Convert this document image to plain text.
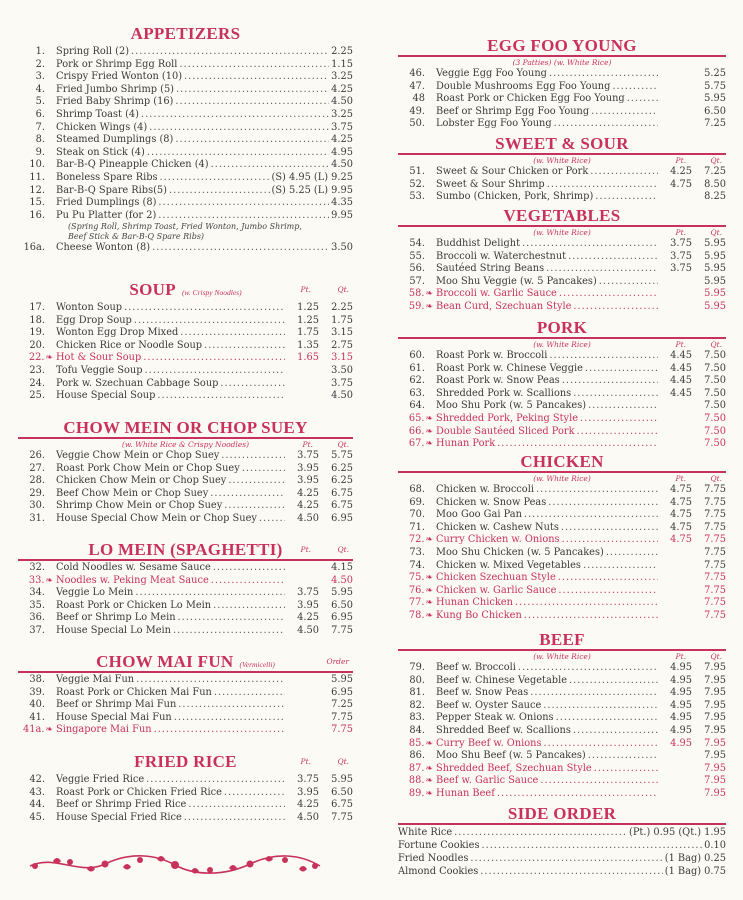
APPETIZERS
1.	Spring Roll (2) .....	2.25
2.	Pork or Shrimp Egg Roll .....	1.15
3.	Crispy Fried Wonton (10) .....	3.25
4.	Fried Jumbo Shrimp (5) .....	4.25
5.	Fried Baby Shrimp (16) .....	4.50
6.	Shrimp Toast (4) .....	3.25
7.	Chicken Wings (4) .....	3.75
8.	Steamed Dumplings (8) .....	4.25
9.	Steak on Stick (4) .....	4.95
10.	Bar-B-Q Pineapple Chicken (4) .....	4.50
11.	Boneless Spare Ribs .....	(S) 4.95 (L) 9.25
12.	Bar-B-Q Spare Ribs(5) .....	(S) 5.25 (L) 9.95
15.	Fried Dumplings (8) .....	4.35
16.	Pu Pu Platter (for 2) .....	9.95
(Spring Roll, Shrimp Toast, Fried Wonton, Jumbo Shrimp, Beef Stick & Bar-B-Q Spare Ribs)
16a.	Cheese Wonton (8) .....	3.50
SOUP (w. Crispy Noodles)	Pt.	Qt.
17.	Wonton Soup .....	1.25	2.25
18.	Egg Drop Soup .....	1.25	1.75
19.	Wonton Egg Drop Mixed .....	1.75	3.15
20.	Chicken Rice or Noodle Soup .....	1.35	2.75
22.❧ Hot & Sour Soup .....	1.65	3.15
23.	Tofu Veggie Soup .....	3.50
24.	Pork w. Szechuan Cabbage Soup .....	3.75
25.	House Special Soup .....	4.50
CHOW MEIN OR CHOP SUEY
(w. White Rice & Crispy Noodles)	Pt.	Qt.
26.	Veggie Chow Mein or Chop Suey .....	3.75	5.75
27.	Roast Pork Chow Mein or Chop Suey .....	3.95	6.25
28.	Chicken Chow Mein or Chop Suey .....	3.95	6.25
29.	Beef Chow Mein or Chop Suey .....	4.25	6.75
30.	Shrimp Chow Mein or Chop Suey .....	4.25	6.75
31.	House Special Chow Mein or Chop Suey .....	4.50	6.95
LO MEIN (SPAGHETTI)	Pt.	Qt.
32.	Cold Noodles w. Sesame Sauce .....	4.15
33.❧ Noodles w. Peking Meat Sauce .....	4.50
34.	Veggie Lo Mein .....	3.75	5.95
35.	Roast Pork or Chicken Lo Mein .....	3.95	6.50
36.	Beef or Shrimp Lo Mein .....	4.25	6.95
37.	House Special Lo Mein .....	4.50	7.75
CHOW MAI FUN (Vermicelli)	Order
38.	Veggie Mai Fun .....	5.95
39.	Roast Pork or Chicken Mai Fun .....	6.95
40.	Beef or Shrimp Mai Fun .....	7.25
41.	House Special Mai Fun .....	7.75
41a.❧ Singapore Mai Fun .....	7.75
FRIED RICE	Pt.	Qt.
42.	Veggie Fried Rice .....	3.75	5.95
43.	Roast Pork or Chicken Fried Rice .....	3.95	6.50
44.	Beef or Shrimp Fried Rice .....	4.25	6.75
45.	House Special Fried Rice .....	4.50	7.75
EGG FOO YOUNG
(3 Patties) (w. White Rice)
46.	Veggie Egg Foo Young .....	5.25
47.	Double Mushrooms Egg Foo Young .....	5.75
48	Roast Pork or Chicken Egg Foo Young .....	5.95
49.	Beef or Shrimp Egg Foo Young .....	6.50
50.	Lobster Egg Foo Young .....	7.25
SWEET & SOUR
(w. White Rice)	Pt.	Qt.
51.	Sweet & Sour Chicken or Pork .....	4.25	7.25
52.	Sweet & Sour Shrimp .....	4.75	8.50
53.	Sumbo (Chicken, Pork, Shrimp) .....	8.25
VEGETABLES
(w. White Rice)	Pt.	Qt.
54.	Buddhist Delight .....	3.75	5.95
55.	Broccoli w. Waterchestnut .....	3.75	5.95
56.	Sautéed String Beans .....	3.75	5.95
57.	Moo Shu Veggie (w. 5 Pancakes) .....	5.95
58.❧ Broccoli w. Garlic Sauce .....	5.95
59.❧ Bean Curd, Szechuan Style .....	5.95
PORK
(w. White Rice)	Pt.	Qt.
60.	Roast Pork w. Broccoli .....	4.45	7.50
61.	Roast Pork w. Chinese Veggie .....	4.45	7.50
62.	Roast Pork w. Snow Peas .....	4.45	7.50
63.	Shredded Pork w. Scallions .....	4.45	7.50
64.	Moo Shu Pork (w. 5 Pancakes) .....	7.50
65.❧ Shredded Pork, Peking Style .....	7.50
66.❧ Double Sautéed Sliced Pork .....	7.50
67.❧ Hunan Pork .....	7.50
CHICKEN
(w. White Rice)	Pt.	Qt.
68.	Chicken w. Broccoli .....	4.75	7.75
69.	Chicken w. Snow Peas .....	4.75	7.75
70.	Moo Goo Gai Pan .....	4.75	7.75
71.	Chicken w. Cashew Nuts .....	4.75	7.75
72.❧ Curry Chicken w. Onions .....	4.75	7.75
73.	Moo Shu Chicken (w. 5 Pancakes) .....	7.75
74.	Chicken w. Mixed Vegetables .....	7.75
75.❧ Chicken Szechuan Style .....	7.75
76.❧ Chicken w. Garlic Sauce .....	7.75
77.❧ Hunan Chicken .....	7.75
78.❧ Kung Bo Chicken .....	7.75
BEEF
(w. White Rice)	Pt.	Qt.
79.	Beef w. Broccoli .....	4.95	7.95
80.	Beef w. Chinese Vegetable .....	4.95	7.95
81.	Beef w. Snow Peas .....	4.95	7.95
82.	Beef w. Oyster Sauce .....	4.95	7.95
83.	Pepper Steak w. Onions .....	4.95	7.95
84.	Shredded Beef w. Scallions .....	4.95	7.95
85.❧ Curry Beef w. Onions .....	4.95	7.95
86.	Moo Shu Beef (w. 5 Pancakes) .....	7.95
87.❧ Shredded Beef, Szechuan Style .....	7.95
88.❧ Beef w. Garlic Sauce .....	7.95
89.❧ Hunan Beef .....	7.95
SIDE ORDER
White Rice .....	(Pt.) 0.95 (Qt.) 1.95
Fortune Cookies .....	0.10
Fried Noodles .....	(1 Bag) 0.25
Almond Cookies .....	(1 Bag) 0.75
